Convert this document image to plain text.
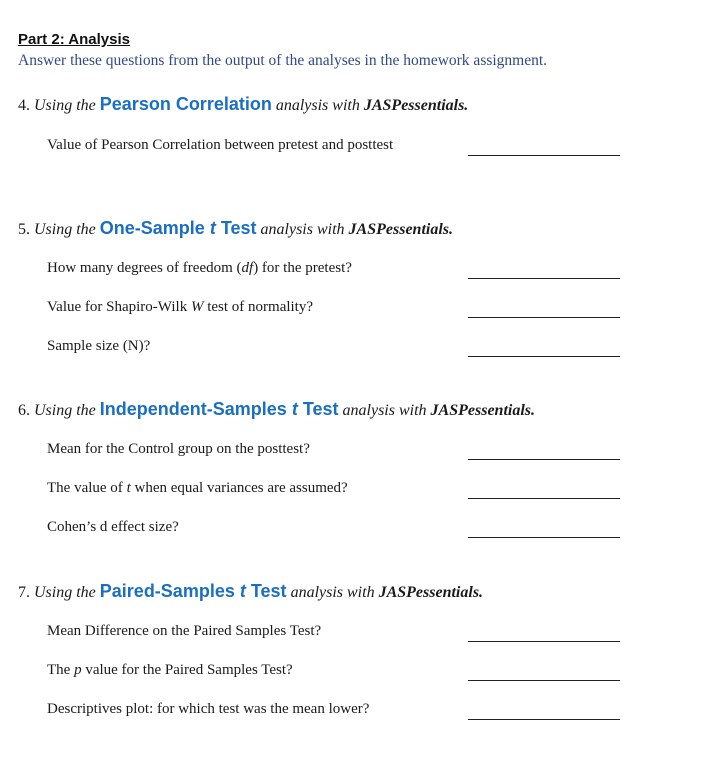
Part 2: Analysis
Answer these questions from the output of the analyses in the homework assignment.
4. Using the Pearson Correlation analysis with JASPessentials.
Value of Pearson Correlation between pretest and posttest
5. Using the One-Sample t Test analysis with JASPessentials.
How many degrees of freedom (df) for the pretest?
Value for Shapiro-Wilk W test of normality?
Sample size (N)?
6. Using the Independent-Samples t Test analysis with JASPessentials.
Mean for the Control group on the posttest?
The value of t when equal variances are assumed?
Cohen’s d effect size?
7. Using the Paired-Samples t Test analysis with JASPessentials.
Mean Difference on the Paired Samples Test?
The p value for the Paired Samples Test?
Descriptives plot: for which test was the mean lower?
